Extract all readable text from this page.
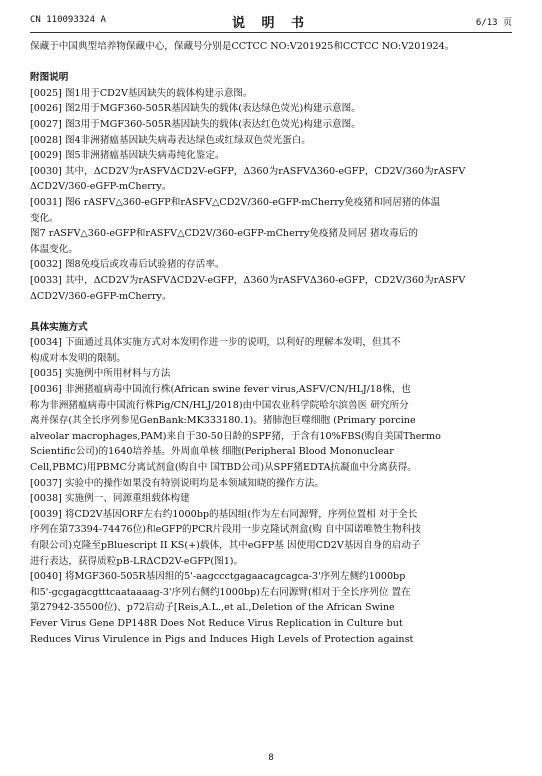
CN 110093324 A	说 明 书	6/13 页
保藏于中国典型培养物保藏中心，保藏号分别是CCTCC NO:V201925和CCTCC NO:V201924。
附图说明
[0025] 图1用于CD2V基因缺失的载体构建示意图。
[0026] 图2用于MGF360-505R基因缺失的载体(表达绿色荧光)构建示意图。
[0027] 图3用于MGF360-505R基因缺失的载体(表达红色荧光)构建示意图。
[0028] 图4非洲猪瘟基因缺失病毒表达绿色或红绿双色荧光蛋白。
[0029] 图5非洲猪瘟基因缺失病毒纯化鉴定。
[0030] 其中，ΔCD2V为rASFVΔCD2V-eGFP，Δ360为rASFVΔ360-eGFP，CD2V/360为rASFV
ΔCD2V/360-eGFP-mCherry。
[0031] 图6 rASFV△360-eGFP和rASFV△CD2V/360-eGFP-mCherry免疫猪和同居猪的体温
变化。
图7 rASFV△360-eGFP和rASFV△CD2V/360-eGFP-mCherry免疫猪及同居 猪攻毒后的
体温变化。
[0032] 图8免疫后或攻毒后试验猪的存活率。
[0033] 其中，ΔCD2V为rASFVΔCD2V-eGFP，Δ360为rASFVΔ360-eGFP，CD2V/360为rASFV
ΔCD2V/360-eGFP-mCherry。
具体实施方式
[0034] 下面通过具体实施方式对本发明作进一步的说明，以利好的理解本发明，但其不
构成对本发明的限制。
[0035] 实施例中所用材料与方法
[0036] 非洲猪瘟病毒中国流行株(African swine fever virus,ASFV/CN/HLJ/18株，也
称为非洲猪瘟病毒中国流行株Pig/CN/HLJ/2018)由中国农业科学院哈尔滨兽医 研究所分
离并保存(其全长序列参见GenBank:MK333180.1)。猪肺泡巨噬细胞 (Primary porcine
alveolar macrophages,PAM)来自于30-50日龄的SPF猪，于含有10%FBS(购自美国Thermo
Scientific公司)的1640培养基。外周血单核 细胞(Peripheral Blood Mononuclear
Cell,PBMC)用PBMC分离试剂盒(购自中 国TBD公司)从SPF猪EDTA抗凝血中分离获得。
[0037] 实验中的操作如果没有特别说明均是本领域知晓的操作方法。
[0038] 实施例一、同源重组载体构建
[0039] 将CD2V基因ORF左右约1000bp的基因组(作为左右同源臂，序列位置相 对于全长
序列在第73394-74476位)和eGFP的PCR片段用一步克隆试剂盒(购 自中国诺唯赞生物科技
有限公司)克隆至pBluescript II KS(+)载体，其中eGFP基 因使用CD2V基因自身的启动子
进行表达，获得质粒pB-LRΔCD2V-eGFP(图1)。
[0040] 将MGF360-505R基因组的5'-aagccctgagaacagcagca-3'序列左侧约1000bp
和5'-gcgagacgtttcaataaaag-3'序列右侧约1000bp)左右同源臂(相对于全长序列位 置在
第27942-35500位)、p72启动子[Reis,A.L.,et al.,Deletion of the African Swine
Fever Virus Gene DP148R Does Not Reduce Virus Replication in Culture but
Reduces Virus Virulence in Pigs and Induces High Levels of Protection against
8
